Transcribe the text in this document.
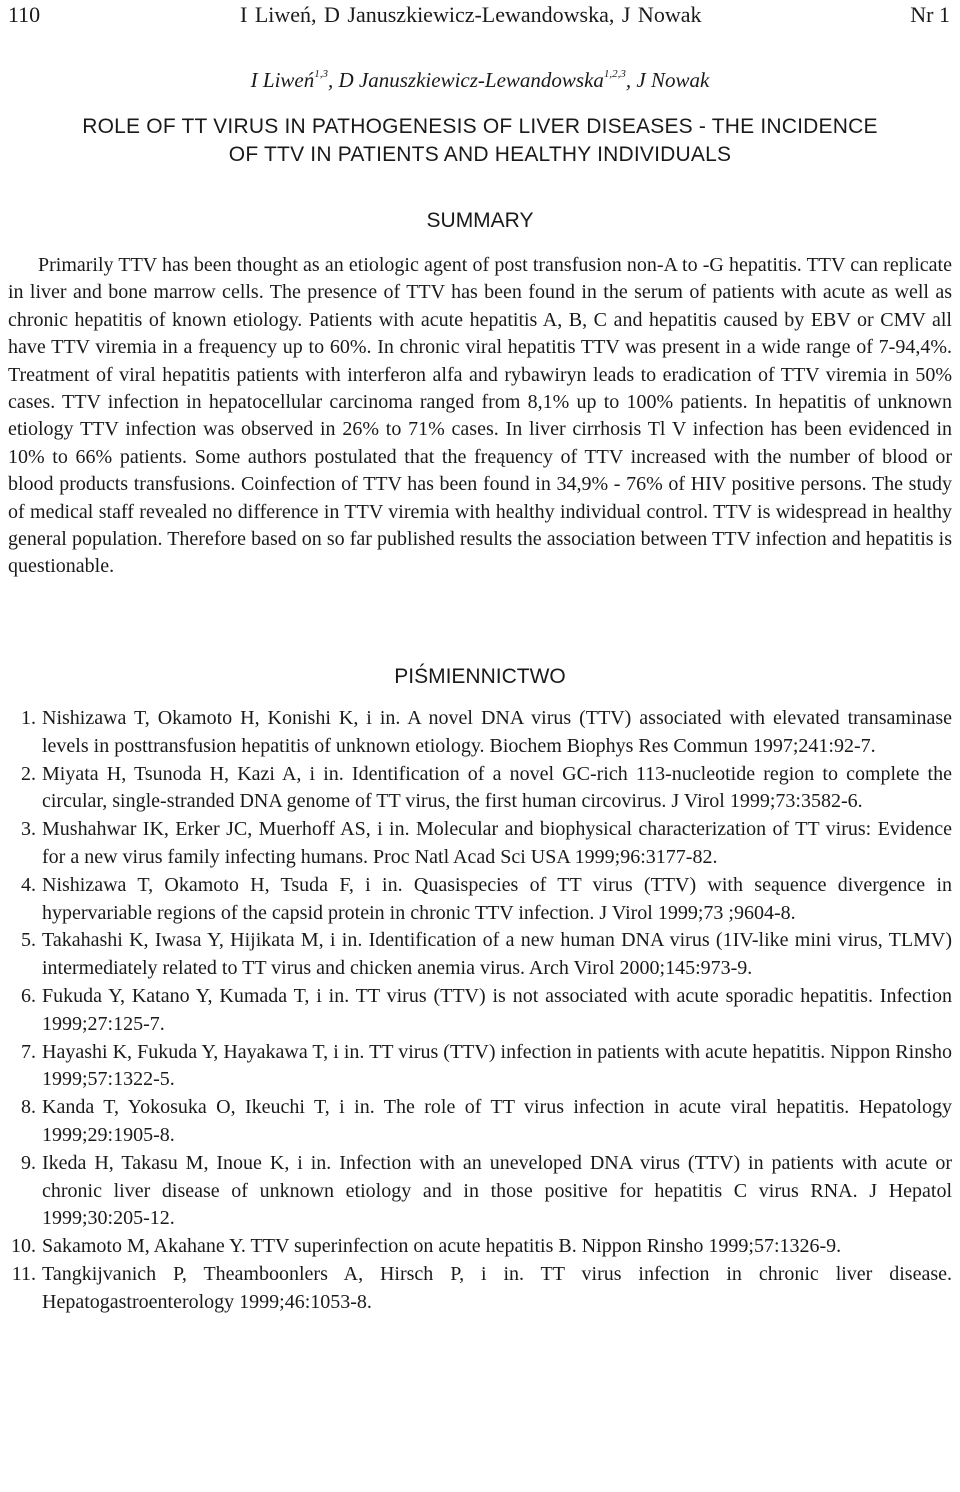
110	I Liweń, D Januszkiewicz-Lewandowska, J Nowak	Nr 1
I Liweń$^{1,3}$, D Januszkiewicz-Lewandowska$^{1,2,3}$, J Nowak
ROLE OF TT VIRUS IN PATHOGENESIS OF LIVER DISEASES - THE INCIDENCE
OF TTV IN PATIENTS AND HEALTHY INDIVIDUALS
SUMMARY

Primarily TTV has been thought as an etiologic agent of post transfusion non-A to -G hepatitis. TTV can replicate in liver and bone marrow cells. The presence of TTV has been found in the serum of patients with acute as well as chronic hepatitis of known etiology. Patients with acute hepatitis A, B, C and hepatitis caused by EBV or CMV all have TTV viremia in a freąuency up to 60%. In chronic viral hepatitis TTV was present in a wide range of 7-94,4%. Treatment of viral hepatitis patients with interferon alfa and rybawiryn leads to eradication of TTV viremia in 50% cases. TTV infection in hepatocellular carcinoma ranged from 8,1% up to 100% patients. In hepatitis of unknown etiology TTV infection was observed in 26% to 71% cases. In liver cirrhosis Tl V infection has been evidenced in 10% to 66% patients. Some authors postulated that the freąuency of TTV increased with the number of blood or blood products transfusions. Coinfection of TTV has been found in 34,9% - 76% of HIV positive persons. The study of medical staff revealed no difference in TTV viremia with healthy individual control. TTV is widespread in healthy general population. Therefore based on so far published results the association between TTV infection and hepatitis is questionable.

PIŚMIENNICTWO
1. Nishizawa T, Okamoto H, Konishi K, i in. A novel DNA virus (TTV) associated with elevated transaminase levels in posttransfusion hepatitis of unknown etiology. Biochem Biophys Res Commun 1997;241:92-7.
2. Miyata H, Tsunoda H, Kazi A, i in. Identification of a novel GC-rich 113-nucleotide region to complete the circular, single-stranded DNA genome of TT virus, the first human circovirus. J Virol 1999;73:3582-6.
3. Mushahwar IK, Erker JC, Muerhoff AS, i in. Molecular and biophysical characterization of TT virus: Evidence for a new virus family infecting humans. Proc Natl Acad Sci USA 1999;96:3177-82.
4. Nishizawa T, Okamoto H, Tsuda F, i in. Quasispecies of TT virus (TTV) with seąuence divergence in hypervariable regions of the capsid protein in chronic TTV infection. J Virol 1999;73 ;9604-8.
5. Takahashi K, Iwasa Y, Hijikata M, i in. Identification of a new human DNA virus (1IV-like mini virus, TLMV) intermediately related to TT virus and chicken anemia virus. Arch Virol 2000;145:973-9.
6. Fukuda Y, Katano Y, Kumada T, i in. TT virus (TTV) is not associated with acute sporadic hepatitis. Infection 1999;27:125-7.
7. Hayashi K, Fukuda Y, Hayakawa T, i in. TT virus (TTV) infection in patients with acute hepatitis. Nippon Rinsho 1999;57:1322-5.
8. Kanda T, Yokosuka O, Ikeuchi T, i in. The role of TT virus infection in acute viral hepatitis. Hepatology 1999;29:1905-8.
9. Ikeda H, Takasu M, Inoue K, i in. Infection with an uneveloped DNA virus (TTV) in patients with acute or chronic liver disease of unknown etiology and in those positive for hepatitis C virus RNA. J Hepatol 1999;30:205-12.
10. Sakamoto M, Akahane Y. TTV superinfection on acute hepatitis B. Nippon Rinsho 1999;57:1326-9.
11. Tangkijvanich P, Theamboonlers A, Hirsch P, i in. TT virus infection in chronic liver disease. Hepatogastroenterology 1999;46:1053-8.
